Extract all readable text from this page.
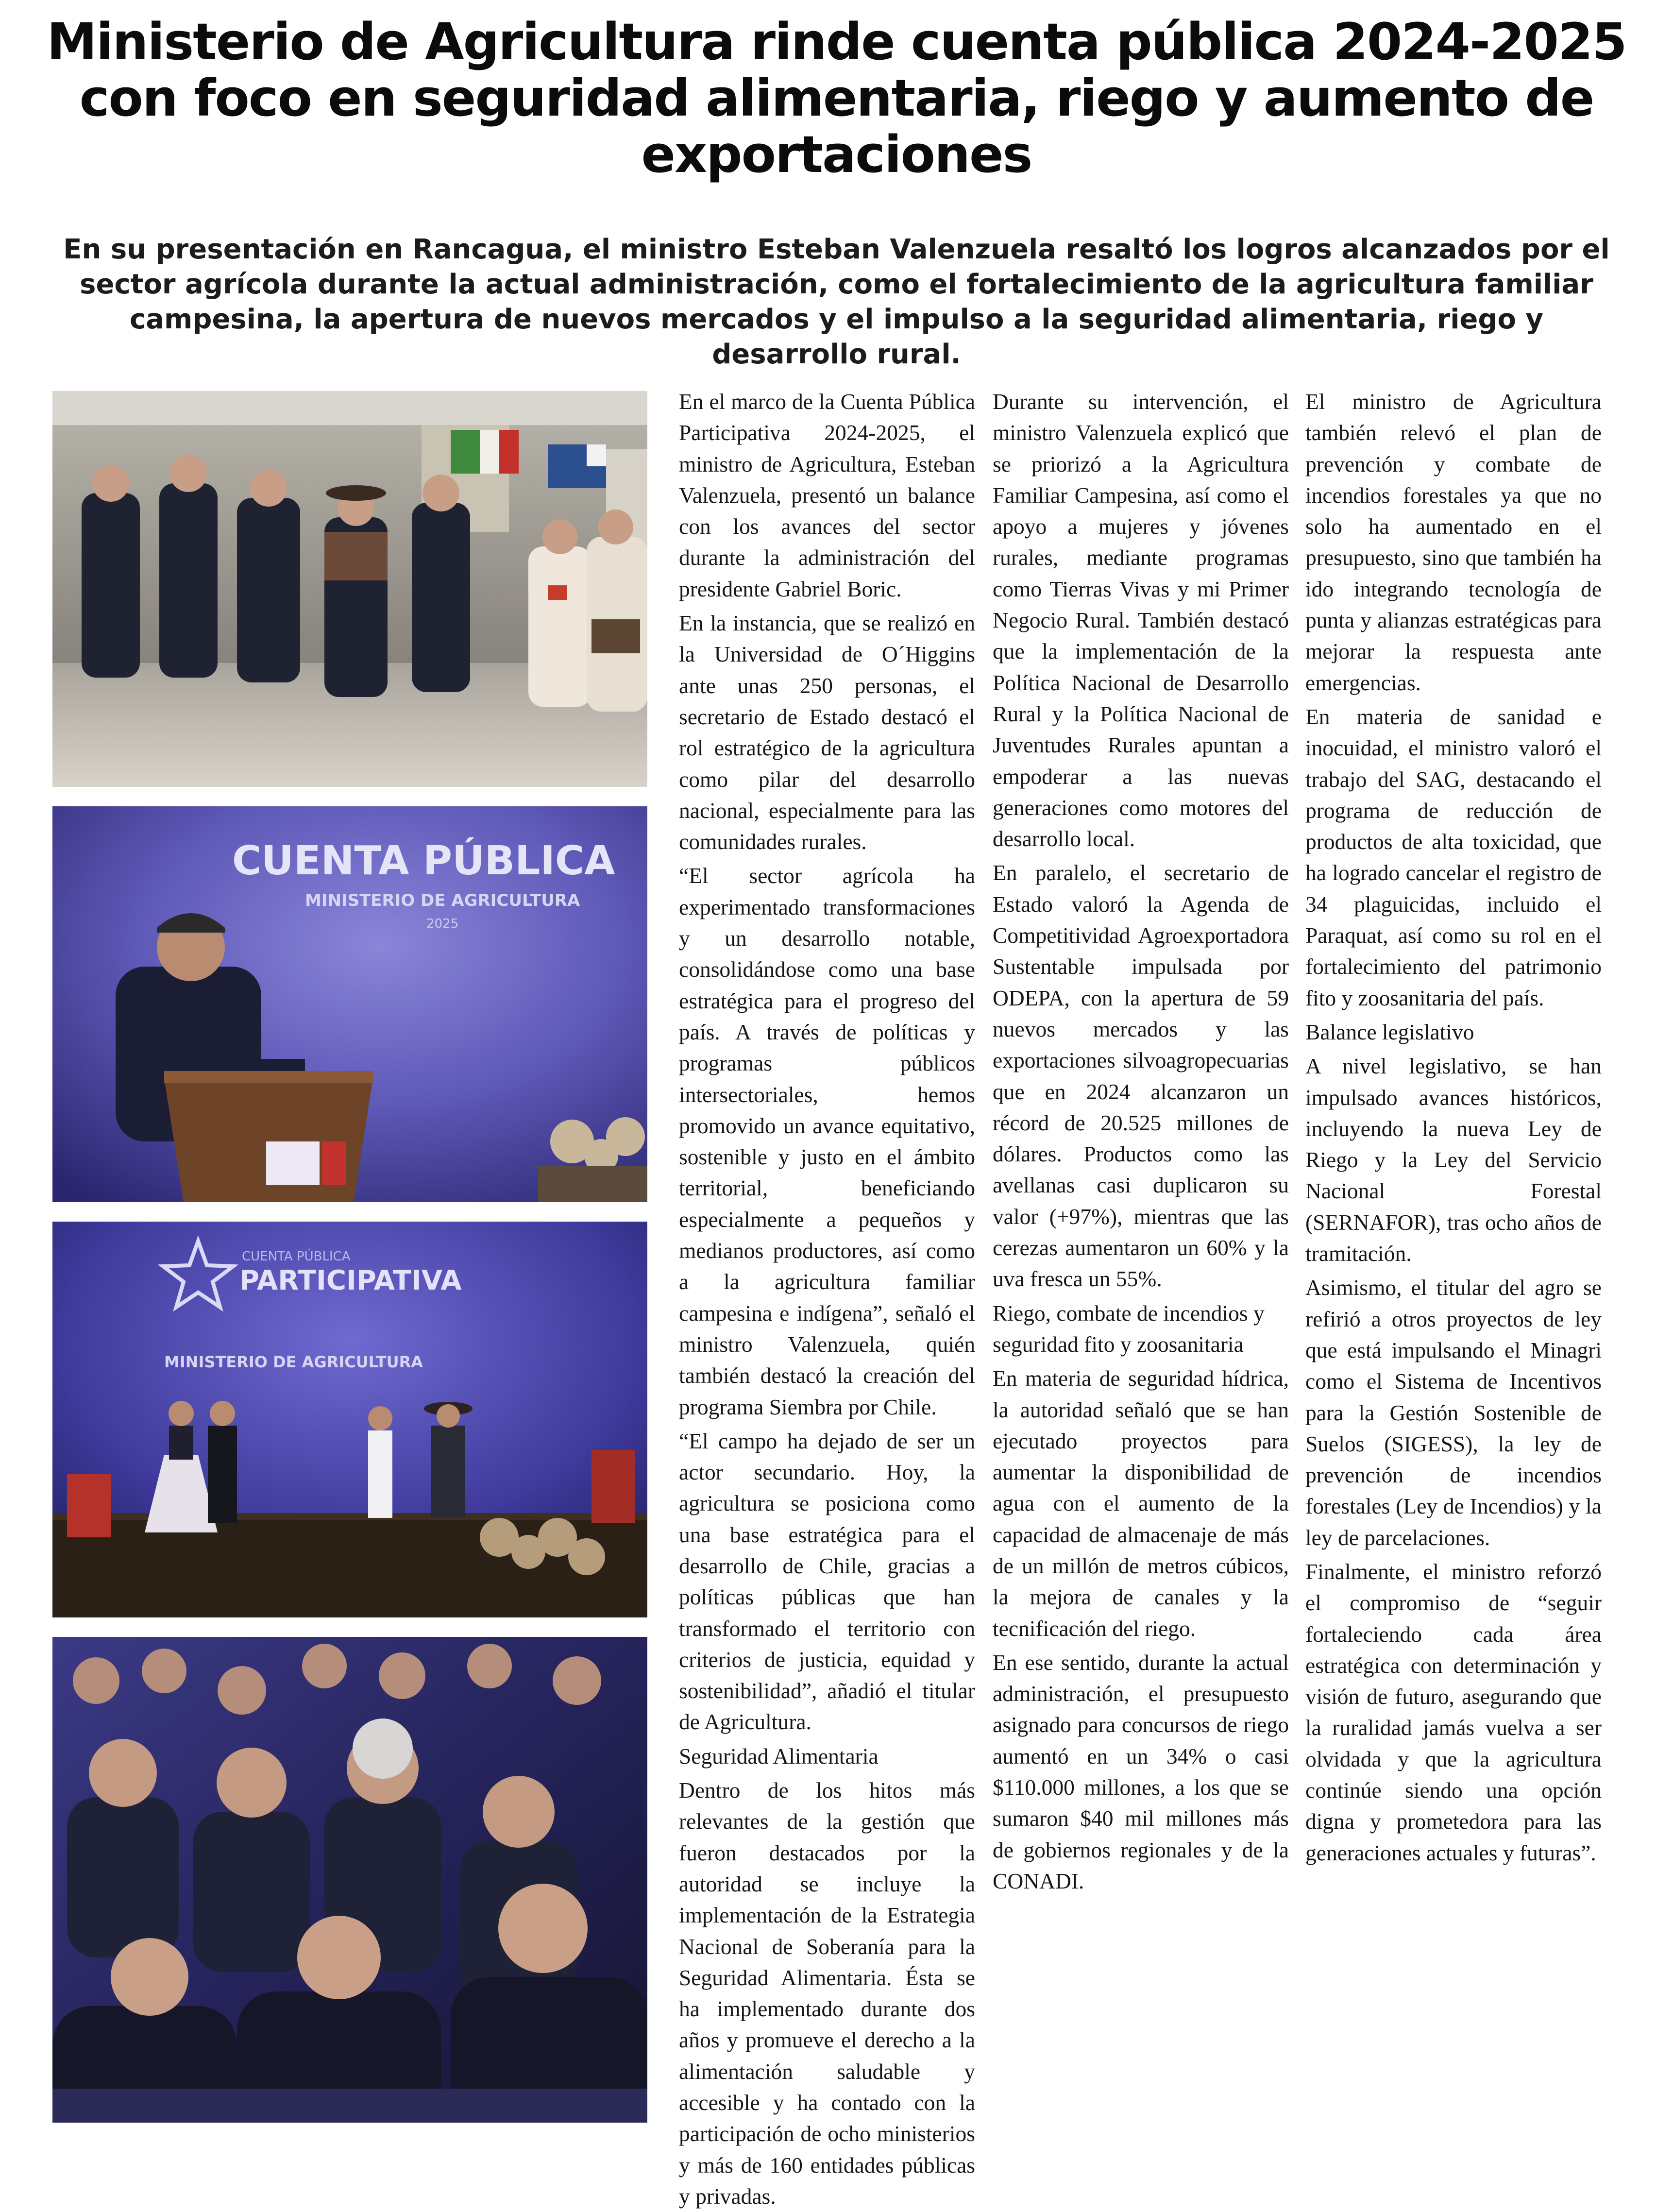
Ministerio de Agricultura rinde cuenta pública 2024-2025 con foco en seguridad alimentaria, riego y aumento de exportaciones

En su presentación en Rancagua, el ministro Esteban Valenzuela resaltó los logros alcanzados por el sector agrícola durante la actual administración, como el fortalecimiento de la agricultura familiar campesina, la apertura de nuevos mercados y el impulso a la seguridad alimentaria, riego y desarrollo rural.

CUENTA PÚBLICA
MINISTERIO DE AGRICULTURA
2025
CUENTA PÚBLICA
PARTICIPATIVA
MINISTERIO DE AGRICULTURA

En el marco de la Cuenta Pública Participativa 2024-2025, el ministro de Agricultura, Esteban Valenzuela, presentó un balance con los avances del sector durante la administración del presidente Gabriel Boric.

En la instancia, que se realizó en la Universidad de O´Higgins ante unas 250 personas, el secretario de Estado destacó el rol estratégico de la agricultura como pilar del desarrollo nacional, especialmente para las comunidades rurales.

“El sector agrícola ha experimentado transformaciones y un desarrollo notable, consolidándose como una base estratégica para el progreso del país. A través de políticas y programas públicos intersectoriales, hemos promovido un avance equitativo, sostenible y justo en el ámbito territorial, beneficiando especialmente a pequeños y medianos productores, así como a la agricultura familiar campesina e indígena”, señaló el ministro Valenzuela, quién también destacó la creación del programa Siembra por Chile.

“El campo ha dejado de ser un actor secundario. Hoy, la agricultura se posiciona como una base estratégica para el desarrollo de Chile, gracias a políticas públicas que han transformado el territorio con criterios de justicia, equidad y sostenibilidad”, añadió el titular de Agricultura.

Seguridad Alimentaria

Dentro de los hitos más relevantes de la gestión que fueron destacados por la autoridad se incluye la implementación de la Estrategia Nacional de Soberanía para la Seguridad Alimentaria. Ésta se ha implementado durante dos años y promueve el derecho a la alimentación saludable y accesible y ha contado con la participación de ocho ministerios y más de 160 entidades públicas y privadas.

Durante su intervención, el ministro Valenzuela explicó que se priorizó a la Agricultura Familiar Campesina, así como el apoyo a mujeres y jóvenes rurales, mediante programas como Tierras Vivas y mi Primer Negocio Rural. También destacó que la implementación de la Política Nacional de Desarrollo Rural y la Política Nacional de Juventudes Rurales apuntan a empoderar a las nuevas generaciones como motores del desarrollo local.

En paralelo, el secretario de Estado valoró la Agenda de Competitividad Agroexportadora Sustentable impulsada por ODEPA, con la apertura de 59 nuevos mercados y las exportaciones silvoagropecuarias que en 2024 alcanzaron un récord de 20.525 millones de dólares. Productos como las avellanas casi duplicaron su valor (+97%), mientras que las cerezas aumentaron un 60% y la uva fresca un 55%.

Riego, combate de incendios y seguridad fito y zoosanitaria

En materia de seguridad hídrica, la autoridad señaló que se han ejecutado proyectos para aumentar la disponibilidad de agua con el aumento de la capacidad de almacenaje de más de un millón de metros cúbicos, la mejora de canales y la tecnificación del riego.

En ese sentido, durante la actual administración, el presupuesto asignado para concursos de riego aumentó en un 34% o casi $110.000 millones, a los que se sumaron $40 mil millones más de gobiernos regionales y de la CONADI.

El ministro de Agricultura también relevó el plan de prevención y combate de incendios forestales ya que no solo ha aumentado en el presupuesto, sino que también ha ido integrando tecnología de punta y alianzas estratégicas para mejorar la respuesta ante emergencias.

En materia de sanidad e inocuidad, el ministro valoró el trabajo del SAG, destacando el programa de reducción de productos de alta toxicidad, que ha logrado cancelar el registro de 34 plaguicidas, incluido el Paraquat, así como su rol en el fortalecimiento del patrimonio fito y zoosanitaria del país.

Balance legislativo

A nivel legislativo, se han impulsado avances históricos, incluyendo la nueva Ley de Riego y la Ley del Servicio Nacional Forestal (SERNAFOR), tras ocho años de tramitación.

Asimismo, el titular del agro se refirió a otros proyectos de ley que está impulsando el Minagri como el Sistema de Incentivos para la Gestión Sostenible de Suelos (SIGESS), la ley de prevención de incendios forestales (Ley de Incendios) y la ley de parcelaciones.

Finalmente, el ministro reforzó el compromiso de “seguir fortaleciendo cada área estratégica con determinación y visión de futuro, asegurando que la ruralidad jamás vuelva a ser olvidada y que la agricultura continúe siendo una opción digna y prometedora para las generaciones actuales y futuras”.
